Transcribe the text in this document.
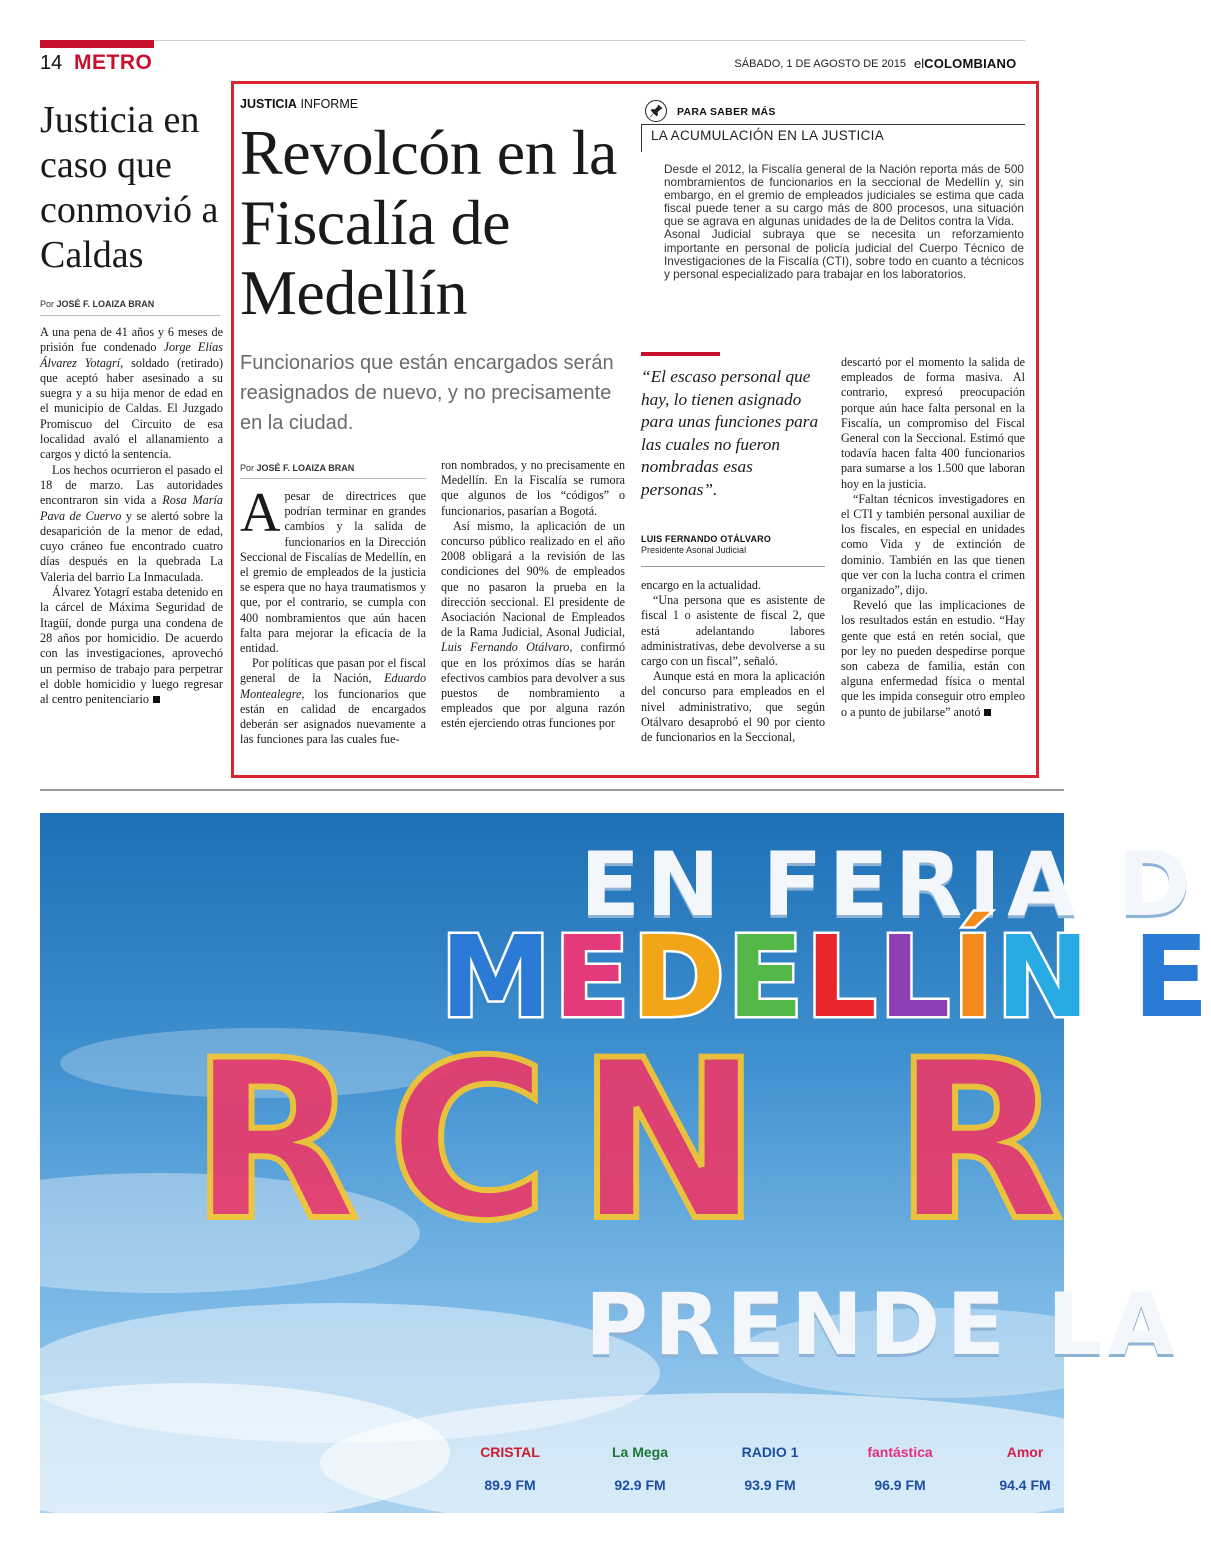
14 METRO	SÁBADO, 1 DE AGOSTO DE 2015 elCOLOMBIANO
Justicia en caso que conmovió a Caldas
Por JOSÉ F. LOAIZA BRAN

A una pena de 41 años y 6 meses de prisión fue condenado Jorge Elías Álvarez Yotagrí, soldado (retirado) que aceptó haber asesinado a su suegra y a su hija menor de edad en el municipio de Caldas. El Juzgado Promiscuo del Circuito de esa localidad avaló el allanamiento a cargos y dictó la sentencia.

Los hechos ocurrieron el pasado el 18 de marzo. Las autoridades encontraron sin vida a Rosa María Pava de Cuervo y se alertó sobre la desaparición de la menor de edad, cuyo cráneo fue encontrado cuatro días después en la quebrada La Valeria del barrio La Inmaculada.

Álvarez Yotagrí estaba detenido en la cárcel de Máxima Seguridad de Itagüí, donde purga una condena de 28 años por homicidio. De acuerdo con las investigaciones, aprovechó un permiso de trabajo para perpetrar el doble homicidio y luego regresar al centro penitenciario

JUSTICIA INFORME
Revolcón en la Fiscalía de Medellín
Funcionarios que están encargados serán reasignados de nuevo, y no precisamente en la ciudad.
Por JOSÉ F. LOAIZA BRAN

Apesar de directrices que podrían terminar en grandes cambios y la salida de funcionarios en la Dirección Seccional de Fiscalías de Medellín, en el gremio de empleados de la justicia se espera que no haya traumatismos y que, por el contrario, se cumpla con 400 nombramientos que aún hacen falta para mejorar la eficacia de la entidad.

Por políticas que pasan por el fiscal general de la Nación, Eduardo Montealegre, los funcionarios que están en calidad de encargados deberán ser asignados nuevamente a las funciones para las cuales fue-

ron nombrados, y no precisamente en Medellín. En la Fiscalía se rumora que algunos de los “códigos” o funcionarios, pasarían a Bogotá.

Así mismo, la aplicación de un concurso público realizado en el año 2008 obligará a la revisión de las condiciones del 90% de empleados que no pasaron la prueba en la dirección seccional. El presidente de Asociación Nacional de Empleados de la Rama Judicial, Asonal Judicial, Luis Fernando Otálvaro, confirmó que en los próximos días se harán efectivos cambios para devolver a sus puestos de nombramiento a empleados que por alguna razón estén ejerciendo otras funciones por

encargo en la actualidad.

“Una persona que es asistente de fiscal 1 o asistente de fiscal 2, que está adelantando labores administrativas, debe devolverse a su cargo con un fiscal”, señaló.

Aunque está en mora la aplicación del concurso para empleados en el nivel administrativo, que según Otálvaro desaprobó el 90 por ciento de funcionarios en la Seccional,

descartó por el momento la salida de empleados de forma masiva. Al contrario, expresó preocupación porque aún hace falta personal en la Fiscalía, un compromiso del Fiscal General con la Seccional. Estimó que todavía hacen falta 400 funcionarios para sumarse a los 1.500 que laboran hoy en la justicia.

“Faltan técnicos investigadores en el CTI y también personal auxiliar de los fiscales, en especial en unidades como Vida y de extinción de dominio. También en las que tienen que ver con la lucha contra el crimen organizado”, dijo.

Reveló que las implicaciones de los resultados están en estudio. “Hay gente que está en retén social, que por ley no pueden despedirse porque son cabeza de familia, están con alguna enfermedad física o mental que les impida conseguir otro empleo o a punto de jubilarse” anotó

PARA SABER MÁS
LA ACUMULACIÓN EN LA JUSTICIA

Desde el 2012, la Fiscalía general de la Nación reporta más de 500 nombramientos de funcionarios en la seccional de Medellín y, sin embargo, en el gremio de empleados judiciales se estima que cada fiscal puede tener a su cargo más de 800 procesos, una situación que se agrava en algunas unidades de la de Delitos contra la Vida.

Asonal Judicial subraya que se necesita un reforzamiento importante en personal de policía judicial del Cuerpo Técnico de Investigaciones de la Fiscalía (CTI), sobre todo en cuanto a técnicos y personal especializado para trabajar en los laboratorios.

“El escaso personal que hay, lo tienen asignado para unas funciones para las cuales no fueron nombradas esas personas”.
LUIS FERNANDO OTÁLVARO
Presidente Asonal Judicial
EN FERIA D
MEDELLÍN E
RCN R
PRENDE LA
CRISTAL
89.9 FM
La Mega
92.9 FM
RADIO 1
93.9 FM
fantástica
96.9 FM
Amor
94.4 FM
